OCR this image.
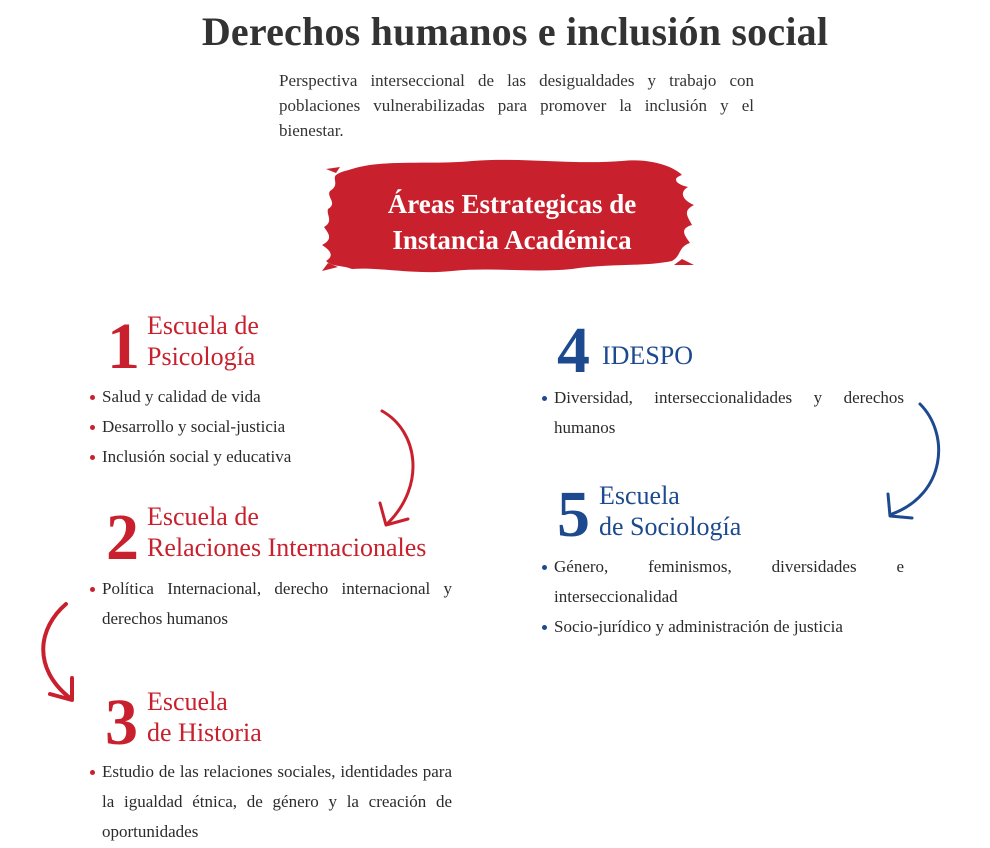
Derechos humanos e inclusión social
Perspectiva interseccional de las desigualdades y trabajo con poblaciones vulnerabilizadas para promover la inclusión y el bienestar.
Áreas Estrategicas de
Instancia Académica
1 Escuela de
Psicología
Salud y calidad de vida
Desarrollo y social-justicia
Inclusión social y educativa
2 Escuela de
Relaciones Internacionales
Política Internacional, derecho internacional y derechos humanos
3 Escuela
de Historia
Estudio de las relaciones sociales, identidades para la igualdad étnica, de género y la creación de oportunidades
4 IDESPO
Diversidad, interseccionalidades y derechos humanos
5 Escuela
de Sociología
Género, feminismos, diversidades e interseccionalidad
Socio-jurídico y administración de justicia
